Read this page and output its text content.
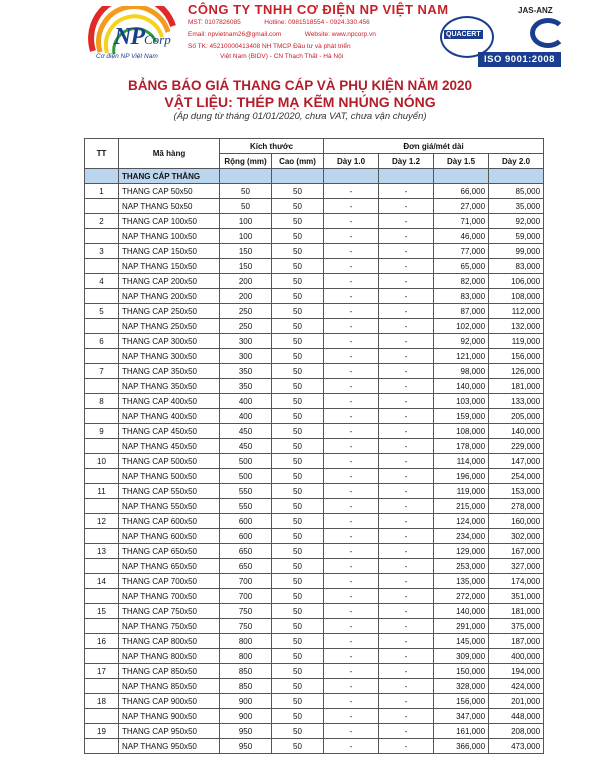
NPCorp
Cơ điện NP Việt Nam
CÔNG TY TNHH CƠ ĐIỆN NP VIỆT NAM
MST: 0107826085	Hotline: 0981518554 - 0924.330.456
Email: npvietnam26@gmail.com	Website: www.npcorp.vn
Số TK: 45210000413408 NH TMCP Đầu tư và phát triển
Việt Nam (BIDV) - CN Thạch Thất - Hà Nội
QUACERT
JAS-ANZ
ISO 9001:2008
BẢNG BÁO GIÁ THANG CÁP VÀ PHỤ KIỆN NĂM 2020
VẬT LIỆU: THÉP MẠ KẼM NHÚNG NÓNG
(Áp dụng từ tháng 01/01/2020, chưa VAT, chưa vận chuyển)
TT	Mã hàng	Kích thước		Đơn giá/mét dài			
		Rộng (mm)	Cao (mm)	Dày 1.0	Dày 1.2	Dày 1.5	Dày 2.0
	THANG CÁP THẲNG						
1	THANG CAP 50x50	50	50	-	-	66,000	85,000
	NAP THANG 50x50	50	50	-	-	27,000	35,000
2	THANG CAP 100x50	100	50	-	-	71,000	92,000
	NAP THANG 100x50	100	50	-	-	46,000	59,000
3	THANG CAP 150x50	150	50	-	-	77,000	99,000
	NAP THANG 150x50	150	50	-	-	65,000	83,000
4	THANG CAP 200x50	200	50	-	-	82,000	106,000
	NAP THANG 200x50	200	50	-	-	83,000	108,000
5	THANG CAP 250x50	250	50	-	-	87,000	112,000
	NAP THANG 250x50	250	50	-	-	102,000	132,000
6	THANG CAP 300x50	300	50	-	-	92,000	119,000
	NAP THANG 300x50	300	50	-	-	121,000	156,000
7	THANG CAP 350x50	350	50	-	-	98,000	126,000
	NAP THANG 350x50	350	50	-	-	140,000	181,000
8	THANG CAP 400x50	400	50	-	-	103,000	133,000
	NAP THANG 400x50	400	50	-	-	159,000	205,000
9	THANG CAP 450x50	450	50	-	-	108,000	140,000
	NAP THANG 450x50	450	50	-	-	178,000	229,000
10	THANG CAP 500x50	500	50	-	-	114,000	147,000
	NAP THANG 500x50	500	50	-	-	196,000	254,000
11	THANG CAP 550x50	550	50	-	-	119,000	153,000
	NAP THANG 550x50	550	50	-	-	215,000	278,000
12	THANG CAP 600x50	600	50	-	-	124,000	160,000
	NAP THANG 600x50	600	50	-	-	234,000	302,000
13	THANG CAP 650x50	650	50	-	-	129,000	167,000
	NAP THANG 650x50	650	50	-	-	253,000	327,000
14	THANG CAP 700x50	700	50	-	-	135,000	174,000
	NAP THANG 700x50	700	50	-	-	272,000	351,000
15	THANG CAP 750x50	750	50	-	-	140,000	181,000
	NAP THANG 750x50	750	50	-	-	291,000	375,000
16	THANG CAP 800x50	800	50	-	-	145,000	187,000
	NAP THANG 800x50	800	50	-	-	309,000	400,000
17	THANG CAP 850x50	850	50	-	-	150,000	194,000
	NAP THANG 850x50	850	50	-	-	328,000	424,000
18	THANG CAP 900x50	900	50	-	-	156,000	201,000
	NAP THANG 900x50	900	50	-	-	347,000	448,000
19	THANG CAP 950x50	950	50	-	-	161,000	208,000
	NAP THANG 950x50	950	50	-	-	366,000	473,000
